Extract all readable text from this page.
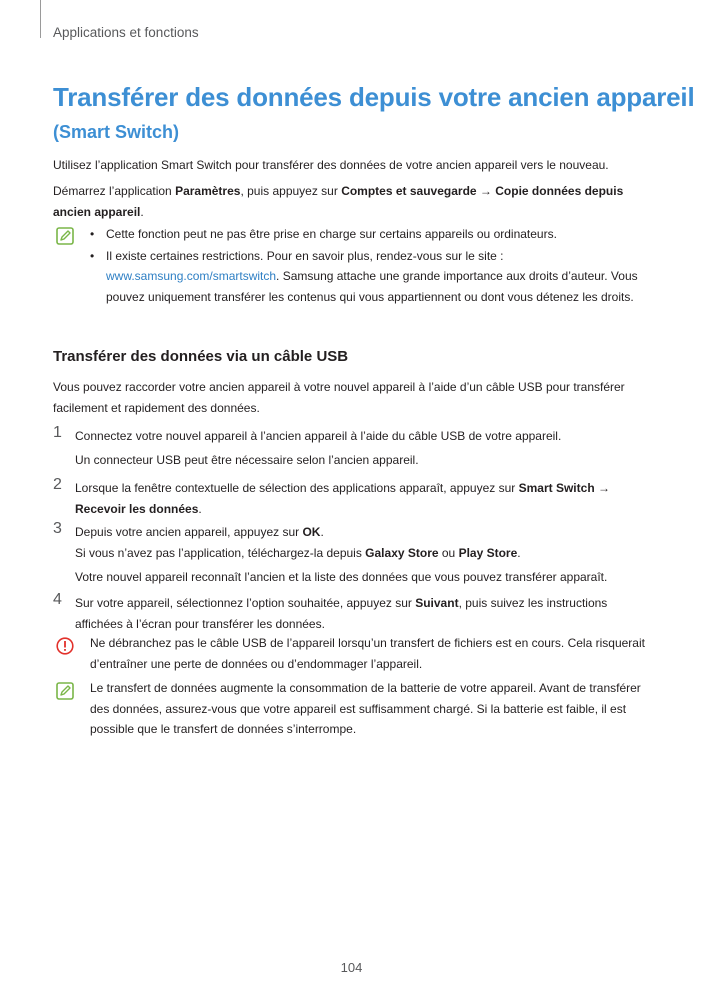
Applications et fonctions
Transférer des données depuis votre ancien appareil
(Smart Switch)

Utilisez l’application Smart Switch pour transférer des données de votre ancien appareil vers le nouveau.

Démarrez l’application Paramètres, puis appuyez sur Comptes et sauvegarde → Copie données depuis ancien appareil.

• Cette fonction peut ne pas être prise en charge sur certains appareils ou ordinateurs.
• Il existe certaines restrictions. Pour en savoir plus, rendez-vous sur le site : www.samsung.com/smartswitch. Samsung attache une grande importance aux droits d’auteur. Vous pouvez uniquement transférer les contenus qui vous appartiennent ou dont vous détenez les droits.
Transférer des données via un câble USB

Vous pouvez raccorder votre ancien appareil à votre nouvel appareil à l’aide d’un câble USB pour transférer facilement et rapidement des données.

1 Connectez votre nouvel appareil à l’ancien appareil à l’aide du câble USB de votre appareil.

Un connecteur USB peut être nécessaire selon l’ancien appareil.

2 Lorsque la fenêtre contextuelle de sélection des applications apparaît, appuyez sur Smart Switch → Recevoir les données.

3 Depuis votre ancien appareil, appuyez sur OK.

Si vous n’avez pas l’application, téléchargez-la depuis Galaxy Store ou Play Store.

Votre nouvel appareil reconnaît l’ancien et la liste des données que vous pouvez transférer apparaît.

4 Sur votre appareil, sélectionnez l’option souhaitée, appuyez sur Suivant, puis suivez les instructions affichées à l’écran pour transférer les données.

Ne débranchez pas le câble USB de l’appareil lorsqu’un transfert de fichiers est en cours. Cela risquerait d’entraîner une perte de données ou d’endommager l’appareil.

Le transfert de données augmente la consommation de la batterie de votre appareil. Avant de transférer des données, assurez-vous que votre appareil est suffisamment chargé. Si la batterie est faible, il est possible que le transfert de données s’interrompe.

104
